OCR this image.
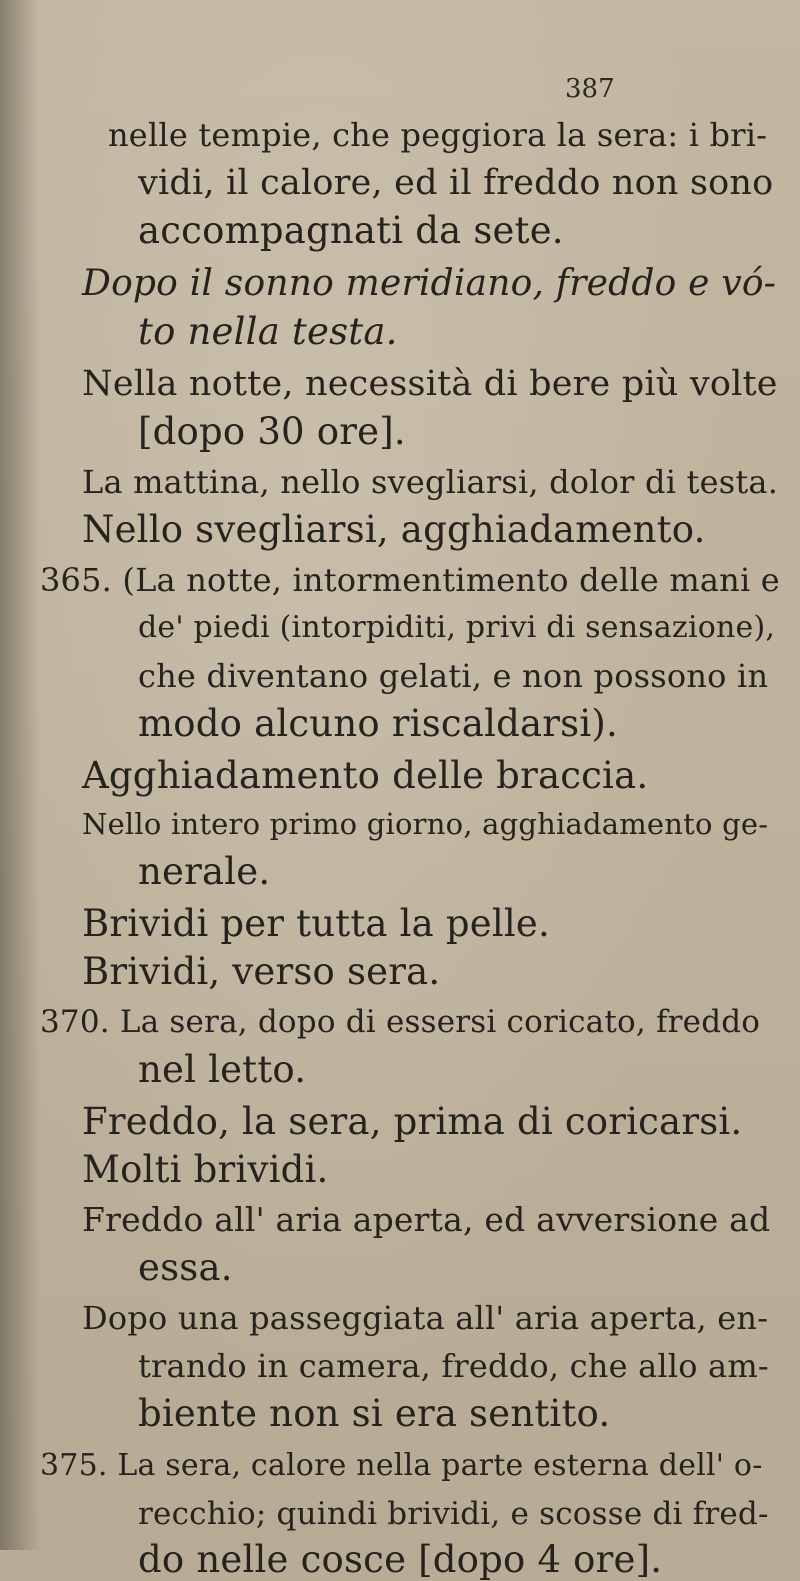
387
nelle tempie, che peggiora la sera: i bri-
vidi, il calore, ed il freddo non sono
accompagnati da sete.
Dopo il sonno meridiano, freddo e vó-
to nella testa.
Nella notte, necessità di bere più volte
[dopo 30 ore].
La mattina, nello svegliarsi, dolor di testa.
Nello svegliarsi, agghiadamento.
365. (La notte, intormentimento delle mani e
de' piedi (intorpiditi, privi di sensazione),
che diventano gelati, e non possono in
modo alcuno riscaldarsi).
Agghiadamento delle braccia.
Nello intero primo giorno, agghiadamento ge-
nerale.
Brividi per tutta la pelle.
Brividi, verso sera.
370. La sera, dopo di essersi coricato, freddo
nel letto.
Freddo, la sera, prima di coricarsi.
Molti brividi.
Freddo all' aria aperta, ed avversione ad
essa.
Dopo una passeggiata all' aria aperta, en-
trando in camera, freddo, che allo am-
biente non si era sentito.
375. La sera, calore nella parte esterna dell' o-
recchio; quindi brividi, e scosse di fred-
do nelle cosce [dopo 4 ore].
